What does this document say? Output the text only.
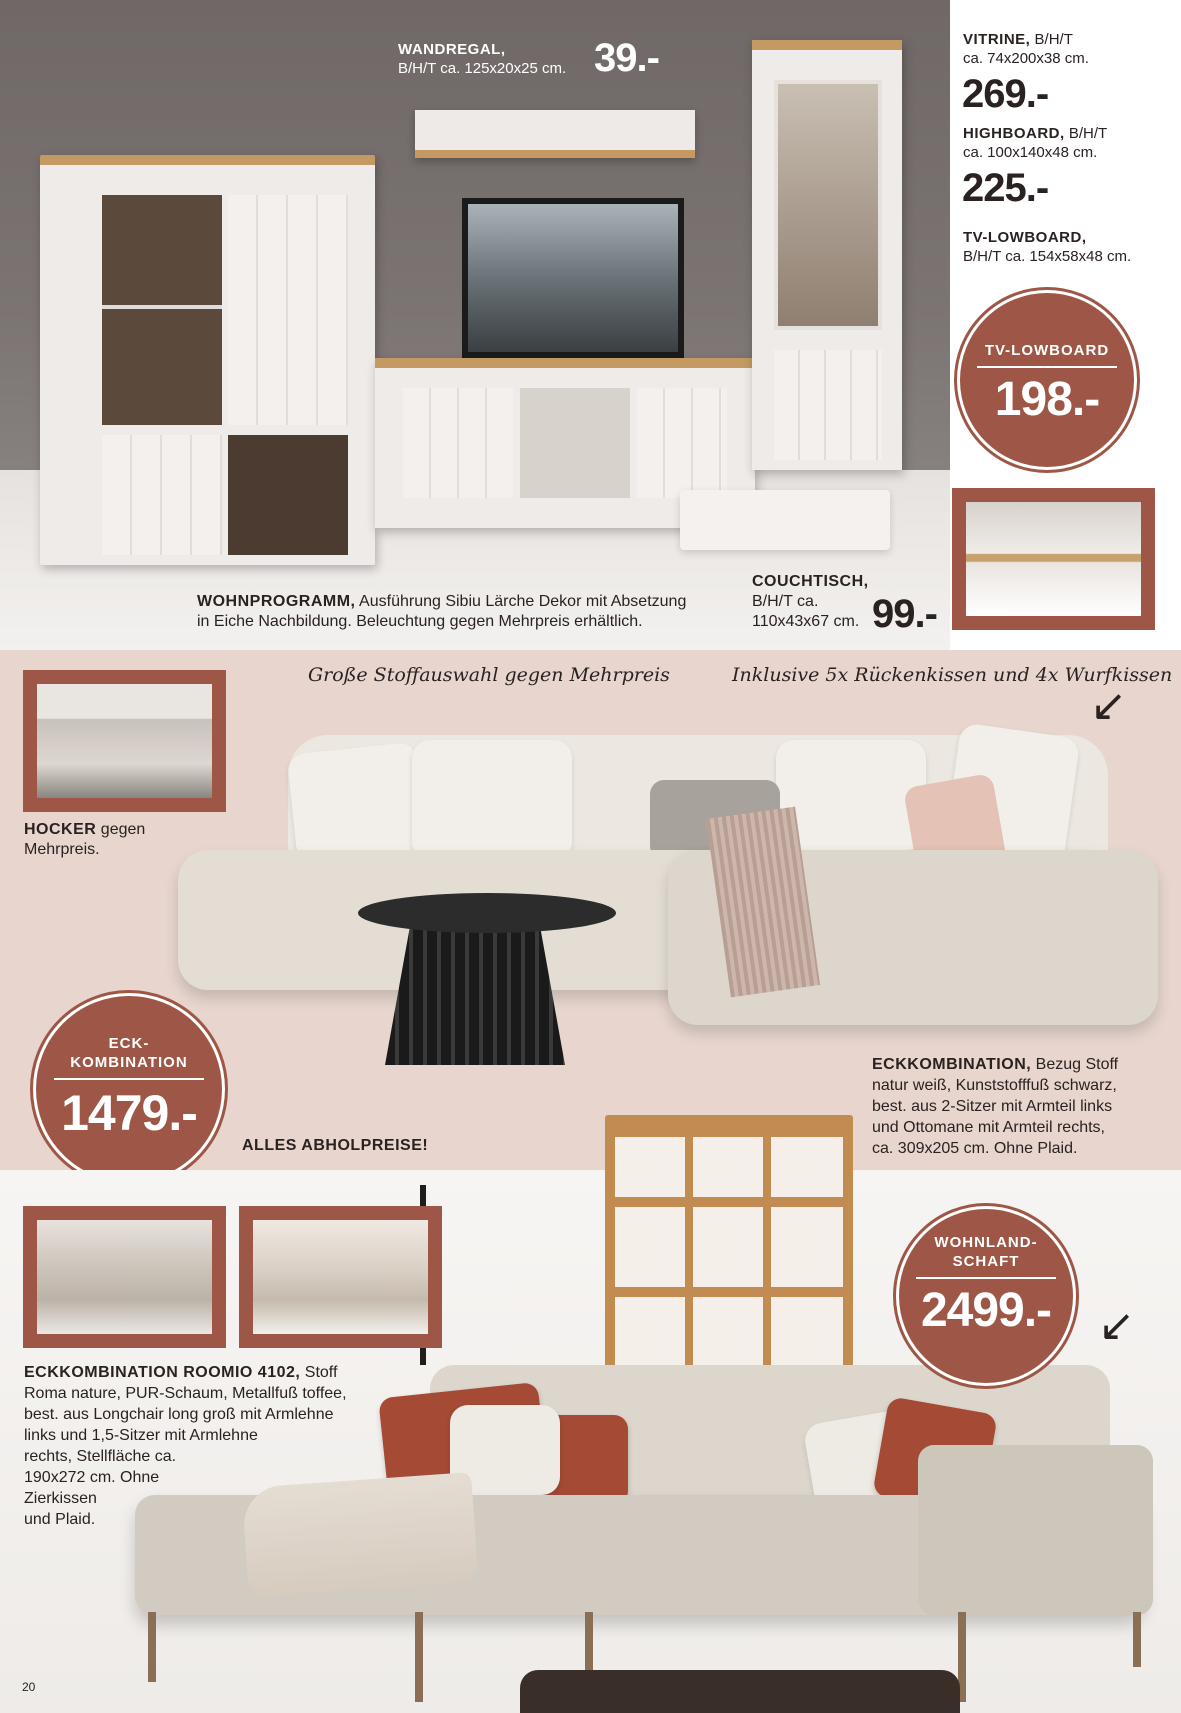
WANDREGAL,
B/H/T ca. 125x20x25 cm. 39.-	VITRINE, B/H/T
ca. 74x200x38 cm.
269.-
HIGHBOARD, B/H/T
ca. 100x140x48 cm.
225.-
TV-LOWBOARD,
B/H/T ca. 154x58x48 cm.
TV-LOWBOARD
198.-
WOHNPROGRAMM, Ausführung Sibiu Lärche Dekor mit Absetzung
in Eiche Nachbildung. Beleuchtung gegen Mehrpreis erhältlich.
COUCHTISCH,
B/H/T ca.
110x43x67 cm. 99.-
Große Stoffauswahl gegen Mehrpreis	Inklusive 5x Rückenkissen und 4x Wurfkissen
↙
HOCKER gegen
Mehrpreis.
ECK-
KOMBINATION
1479.-
ALLES ABHOLPREISE!
ECKKOMBINATION, Bezug Stoff
natur weiß, Kunststofffuß schwarz,
best. aus 2-Sitzer mit Armteil links
und Ottomane mit Armteil rechts,
ca. 309x205 cm. Ohne Plaid.
WOHNLAND-
SCHAFT
2499.-	↙
ECKKOMBINATION ROOMIO 4102, Stoff
Roma nature, PUR-Schaum, Metallfuß toffee,
best. aus Longchair long groß mit Armlehne
links und 1,5-Sitzer mit Armlehne
rechts, Stellfläche ca.
190x272 cm. Ohne
Zierkissen
und Plaid.
20
